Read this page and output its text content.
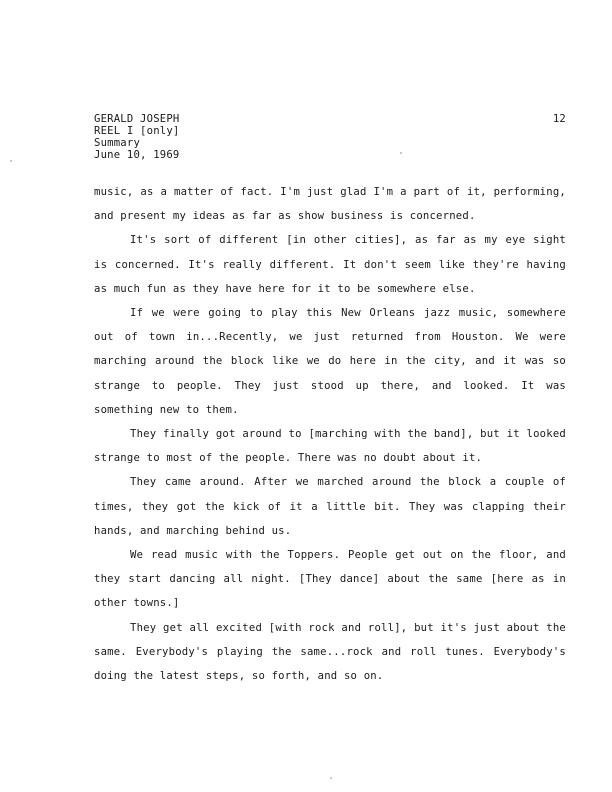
GERALD JOSEPH
REEL I [only]
Summary
June 10, 1969
12

music, as a matter of fact. I'm just glad I'm a part of it, performing, and present my ideas as far as show business is concerned.

It's sort of different [in other cities], as far as my eye sight is concerned. It's really different. It don't seem like they're having as much fun as they have here for it to be somewhere else.

If we were going to play this New Orleans jazz music, somewhere out of town in...Recently, we just returned from Houston. We were marching around the block like we do here in the city, and it was so strange to people. They just stood up there, and looked. It was something new to them.

They finally got around to [marching with the band], but it looked strange to most of the people. There was no doubt about it.

They came around. After we marched around the block a couple of times, they got the kick of it a little bit. They was clapping their hands, and marching behind us.

We read music with the Toppers. People get out on the floor, and they start dancing all night. [They dance] about the same [here as in other towns.]

They get all excited [with rock and roll], but it's just about the same. Everybody's playing the same...rock and roll tunes. Everybody's doing the latest steps, so forth, and so on.
